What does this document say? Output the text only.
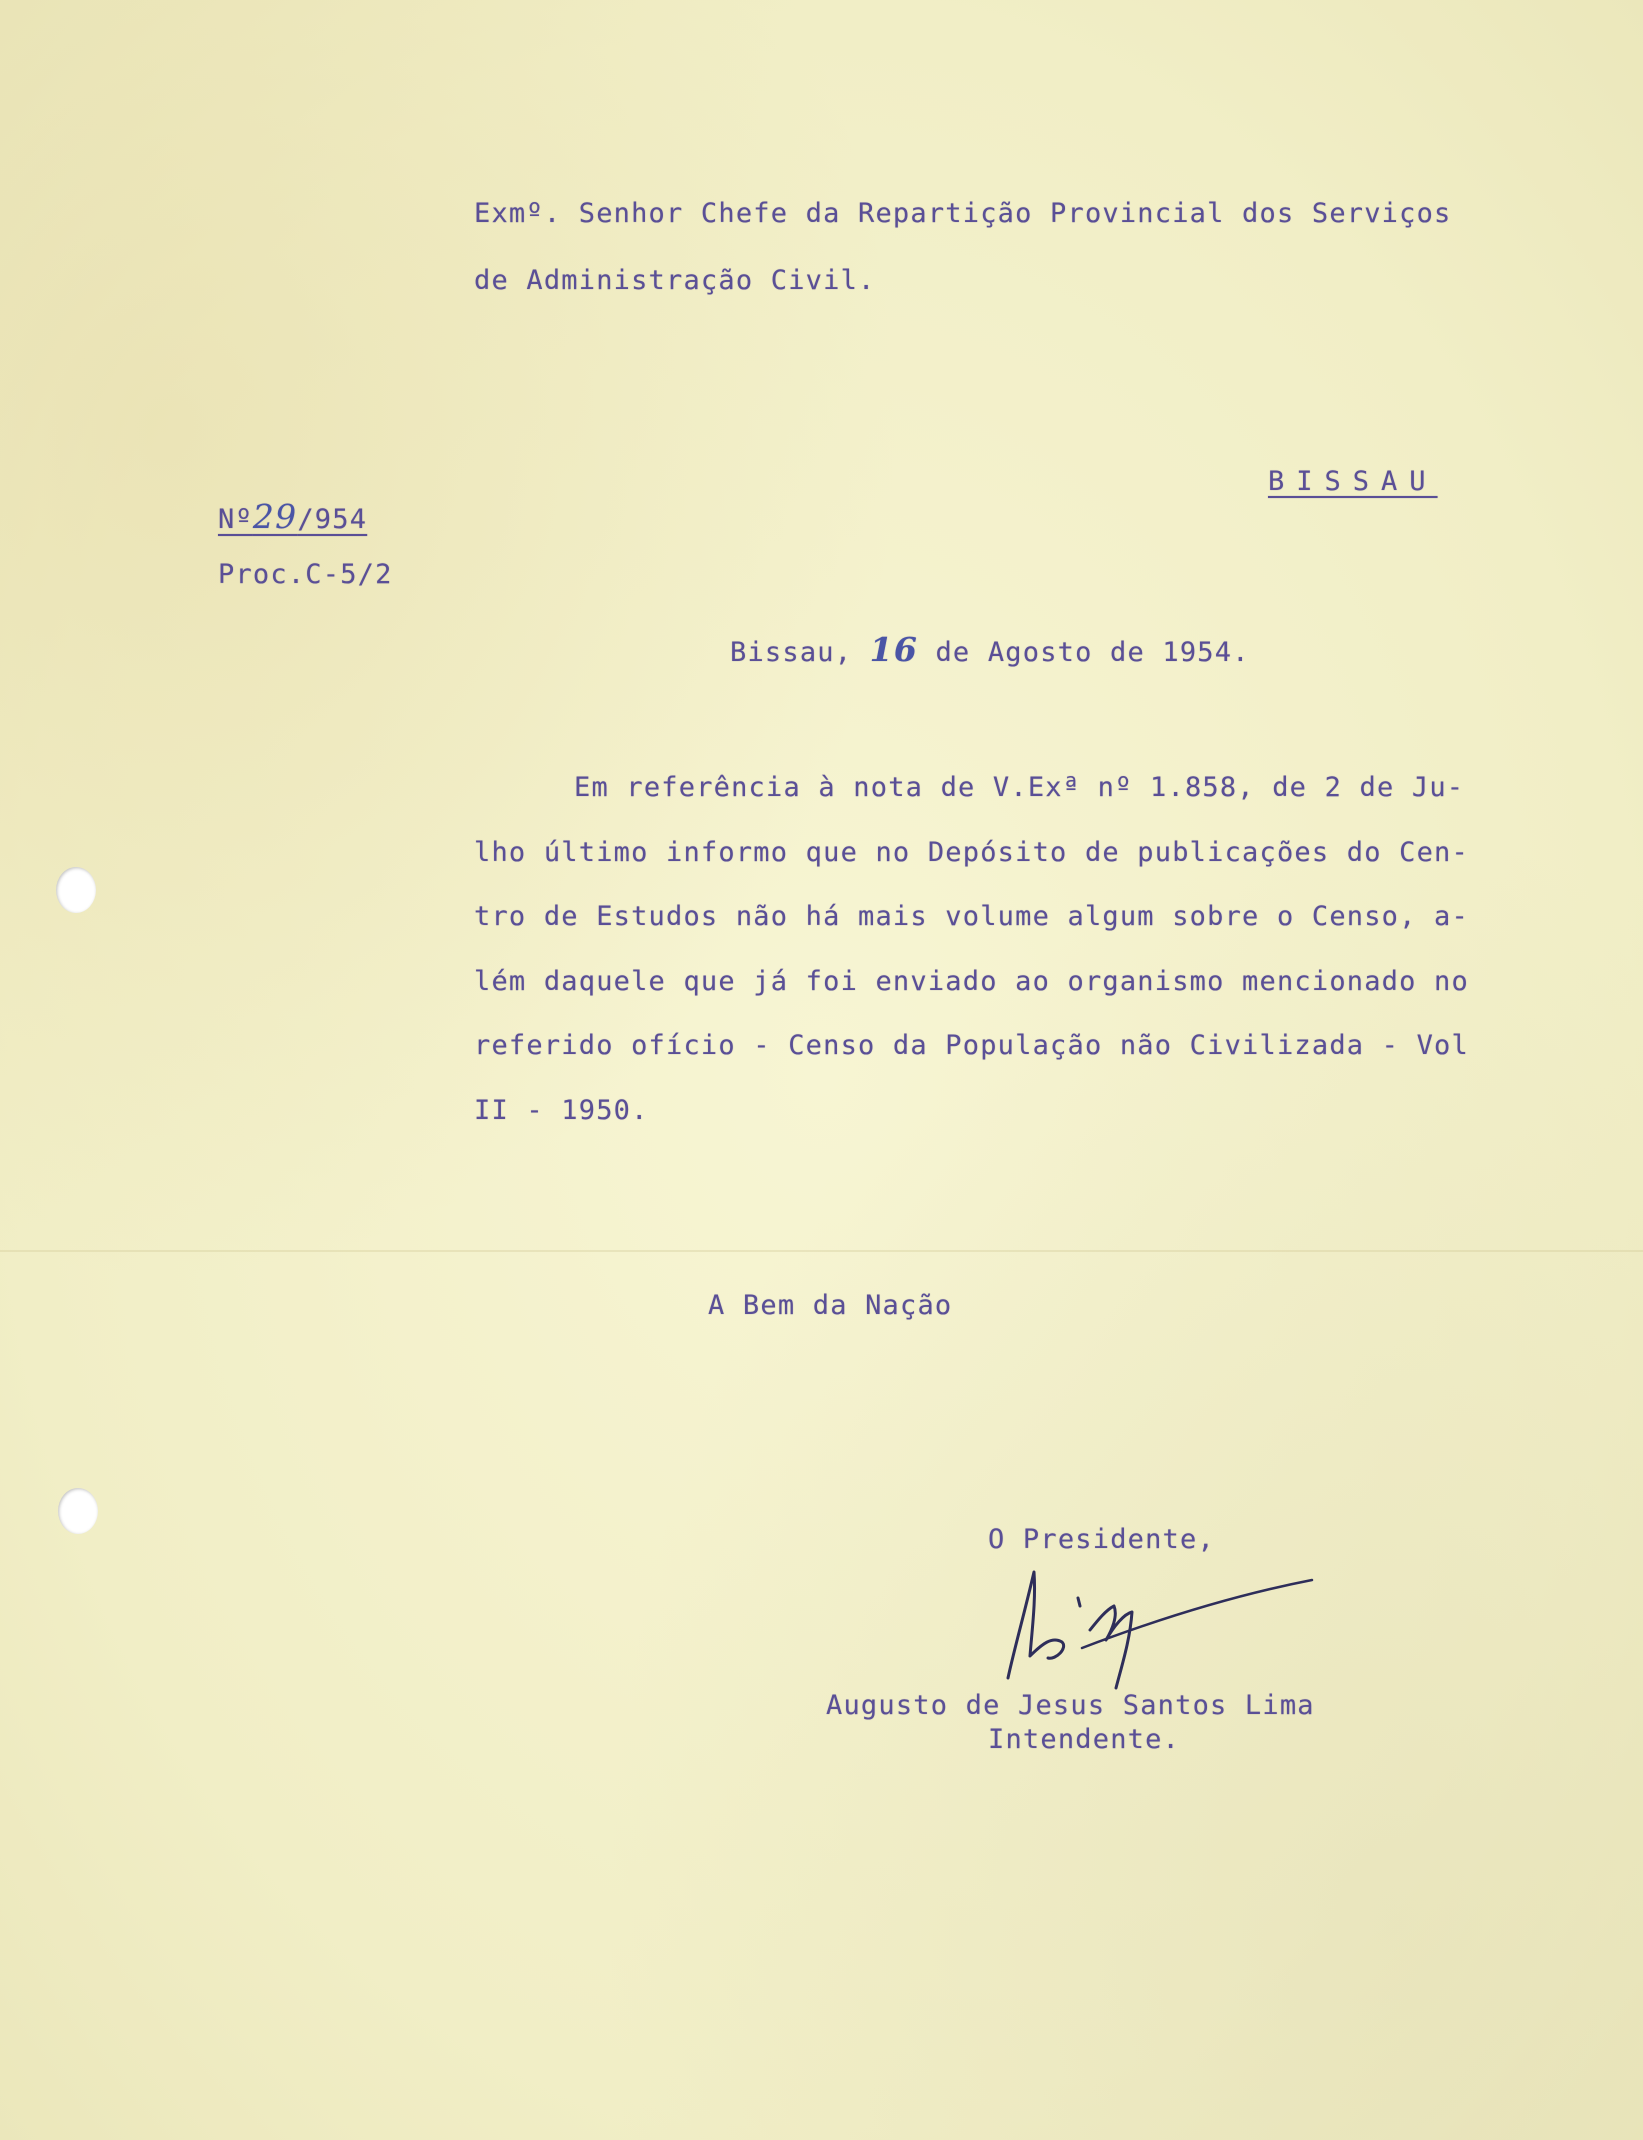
Exmº. Senhor Chefe da Repartição Provincial dos Serviços
de Administração Civil.
BISSAU
Nº29/954
Proc.C-5/2
Bissau, 16 de Agosto de 1954.
Em referência à nota de V.Exª nº 1.858, de 2 de Ju-
lho último informo que no Depósito de publicações do Cen-
tro de Estudos não há mais volume algum sobre o Censo, a-
lém daquele que já foi enviado ao organismo mencionado no
referido ofício - Censo da População não Civilizada - Vol
II - 1950.
A Bem da Nação
O Presidente,
Augusto de Jesus Santos Lima
Intendente.
